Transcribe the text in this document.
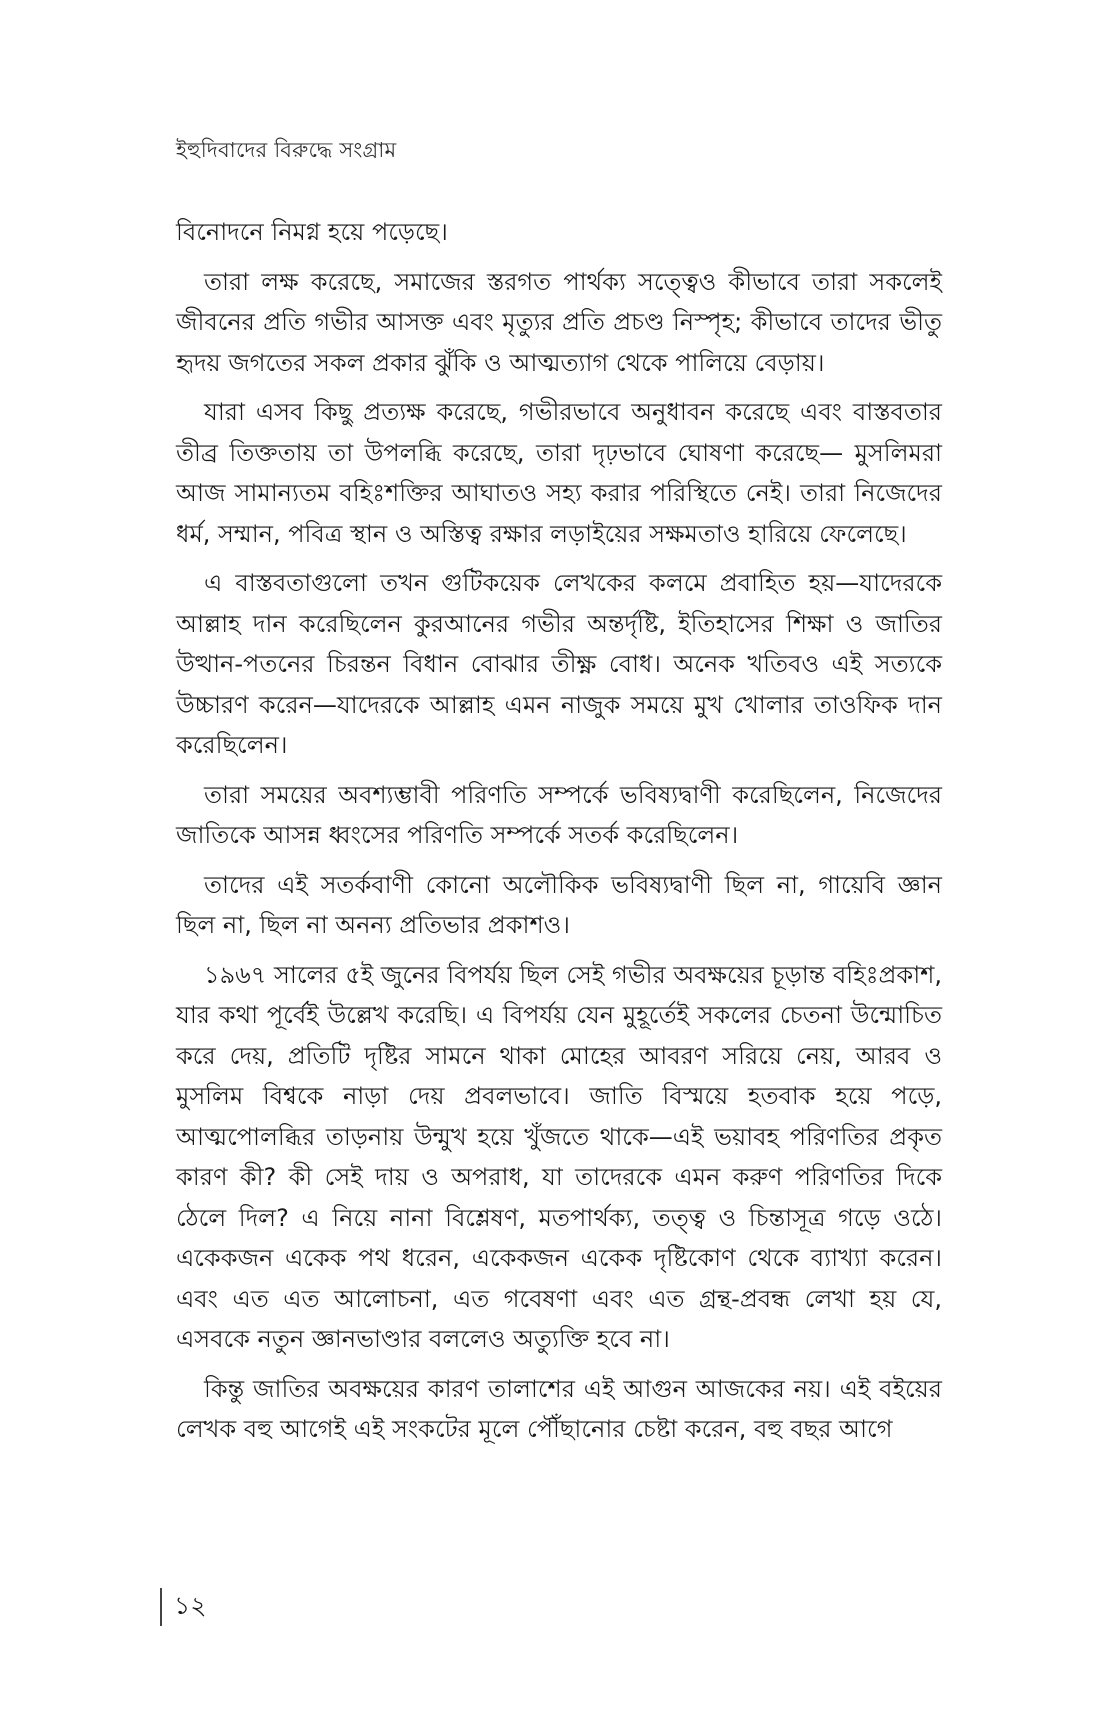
ইহুদিবাদের বিরুদ্ধে সংগ্রাম

বিনোদনে নিমগ্ন হয়ে পড়েছে।

তারা লক্ষ করেছে, সমাজের স্তরগত পার্থক্য সত্ত্বেও কীভাবে তারা সকলেই জীবনের প্রতি গভীর আসক্ত এবং মৃত্যুর প্রতি প্রচণ্ড নিস্পৃহ; কীভাবে তাদের ভীতু হৃদয় জগতের সকল প্রকার ঝুঁকি ও আত্মত্যাগ থেকে পালিয়ে বেড়ায়।

যারা এসব কিছু প্রত্যক্ষ করেছে, গভীরভাবে অনুধাবন করেছে এবং বাস্তবতার তীব্র তিক্ততায় তা উপলব্ধি করেছে, তারা দৃঢ়ভাবে ঘোষণা করেছে— মুসলিমরা আজ সামান্যতম বহিঃশক্তির আঘাতও সহ্য করার পরিস্থিতে নেই। তারা নিজেদের ধর্ম, সম্মান, পবিত্র স্থান ও অস্তিত্ব রক্ষার লড়াইয়ের সক্ষমতাও হারিয়ে ফেলেছে।

এ বাস্তবতাগুলো তখন গুটিকয়েক লেখকের কলমে প্রবাহিত হয়—যাদেরকে আল্লাহ দান করেছিলেন কুরআনের গভীর অন্তর্দৃষ্টি, ইতিহাসের শিক্ষা ও জাতির উত্থান-পতনের চিরন্তন বিধান বোঝার তীক্ষ্ণ বোধ। অনেক খতিবও এই সত্যকে উচ্চারণ করেন—যাদেরকে আল্লাহ এমন নাজুক সময়ে মুখ খোলার তাওফিক দান করেছিলেন।

তারা সময়ের অবশ্যম্ভাবী পরিণতি সম্পর্কে ভবিষ্যদ্বাণী করেছিলেন, নিজেদের জাতিকে আসন্ন ধ্বংসের পরিণতি সম্পর্কে সতর্ক করেছিলেন।

তাদের এই সতর্কবাণী কোনো অলৌকিক ভবিষ্যদ্বাণী ছিল না, গায়েবি জ্ঞান ছিল না, ছিল না অনন্য প্রতিভার প্রকাশও।

১৯৬৭ সালের ৫ই জুনের বিপর্যয় ছিল সেই গভীর অবক্ষয়ের চূড়ান্ত বহিঃপ্রকাশ, যার কথা পূর্বেই উল্লেখ করেছি। এ বিপর্যয় যেন মুহূর্তেই সকলের চেতনা উন্মোচিত করে দেয়, প্রতিটি দৃষ্টির সামনে থাকা মোহের আবরণ সরিয়ে নেয়, আরব ও মুসলিম বিশ্বকে নাড়া দেয় প্রবলভাবে। জাতি বিস্ময়ে হতবাক হয়ে পড়ে, আত্মপোলব্ধির তাড়নায় উন্মুখ হয়ে খুঁজতে থাকে—এই ভয়াবহ পরিণতির প্রকৃত কারণ কী? কী সেই দায় ও অপরাধ, যা তাদেরকে এমন করুণ পরিণতির দিকে ঠেলে দিল? এ নিয়ে নানা বিশ্লেষণ, মতপার্থক্য, তত্ত্ব ও চিন্তাসূত্র গড়ে ওঠে। একেকজন একেক পথ ধরেন, একেকজন একেক দৃষ্টিকোণ থেকে ব্যাখ্যা করেন। এবং এত এত আলোচনা, এত গবেষণা এবং এত গ্রন্থ-প্রবন্ধ লেখা হয় যে, এসবকে নতুন জ্ঞানভাণ্ডার বললেও অত্যুক্তি হবে না।

কিন্তু জাতির অবক্ষয়ের কারণ তালাশের এই আগুন আজকের নয়। এই বইয়ের লেখক বহু আগেই এই সংকটের মূলে পৌঁছানোর চেষ্টা করেন, বহু বছর আগে

১২
